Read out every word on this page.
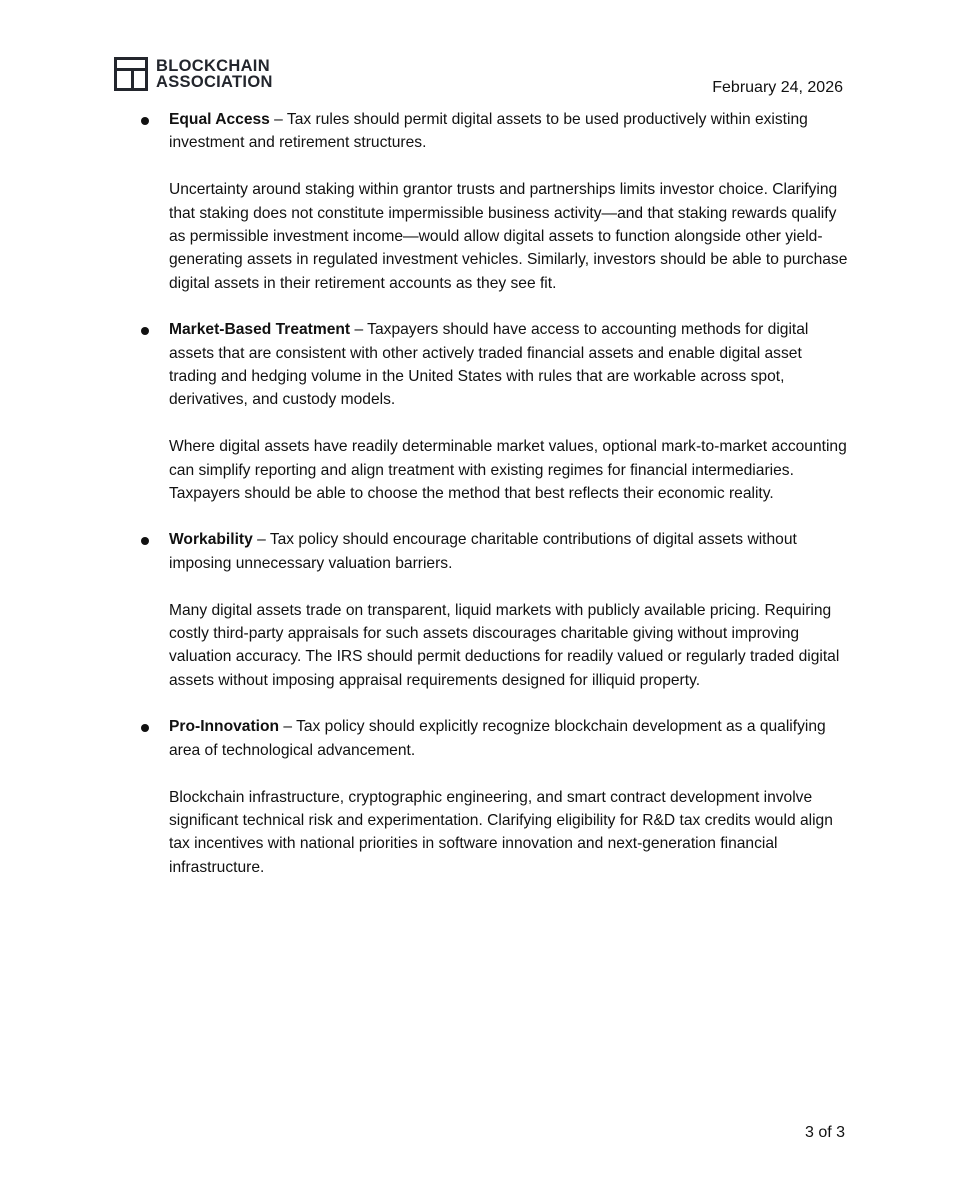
BLOCKCHAIN
ASSOCIATION	February 24, 2026

Equal Access – Tax rules should permit digital assets to be used productively within existing investment and retirement structures.

Uncertainty around staking within grantor trusts and partnerships limits investor choice. Clarifying that staking does not constitute impermissible business activity—and that staking rewards qualify as permissible investment income—would allow digital assets to function alongside other yield-generating assets in regulated investment vehicles. Similarly, investors should be able to purchase digital assets in their retirement accounts as they see fit.

Market-Based Treatment – Taxpayers should have access to accounting methods for digital assets that are consistent with other actively traded financial assets and enable digital asset trading and hedging volume in the United States with rules that are workable across spot, derivatives, and custody models.

Where digital assets have readily determinable market values, optional mark-to-market accounting can simplify reporting and align treatment with existing regimes for financial intermediaries. Taxpayers should be able to choose the method that best reflects their economic reality.

Workability – Tax policy should encourage charitable contributions of digital assets without imposing unnecessary valuation barriers.

Many digital assets trade on transparent, liquid markets with publicly available pricing. Requiring costly third-party appraisals for such assets discourages charitable giving without improving valuation accuracy. The IRS should permit deductions for readily valued or regularly traded digital assets without imposing appraisal requirements designed for illiquid property.

Pro-Innovation – Tax policy should explicitly recognize blockchain development as a qualifying area of technological advancement.

Blockchain infrastructure, cryptographic engineering, and smart contract development involve significant technical risk and experimentation. Clarifying eligibility for R&D tax credits would align tax incentives with national priorities in software innovation and next-generation financial infrastructure.

3 of 3
